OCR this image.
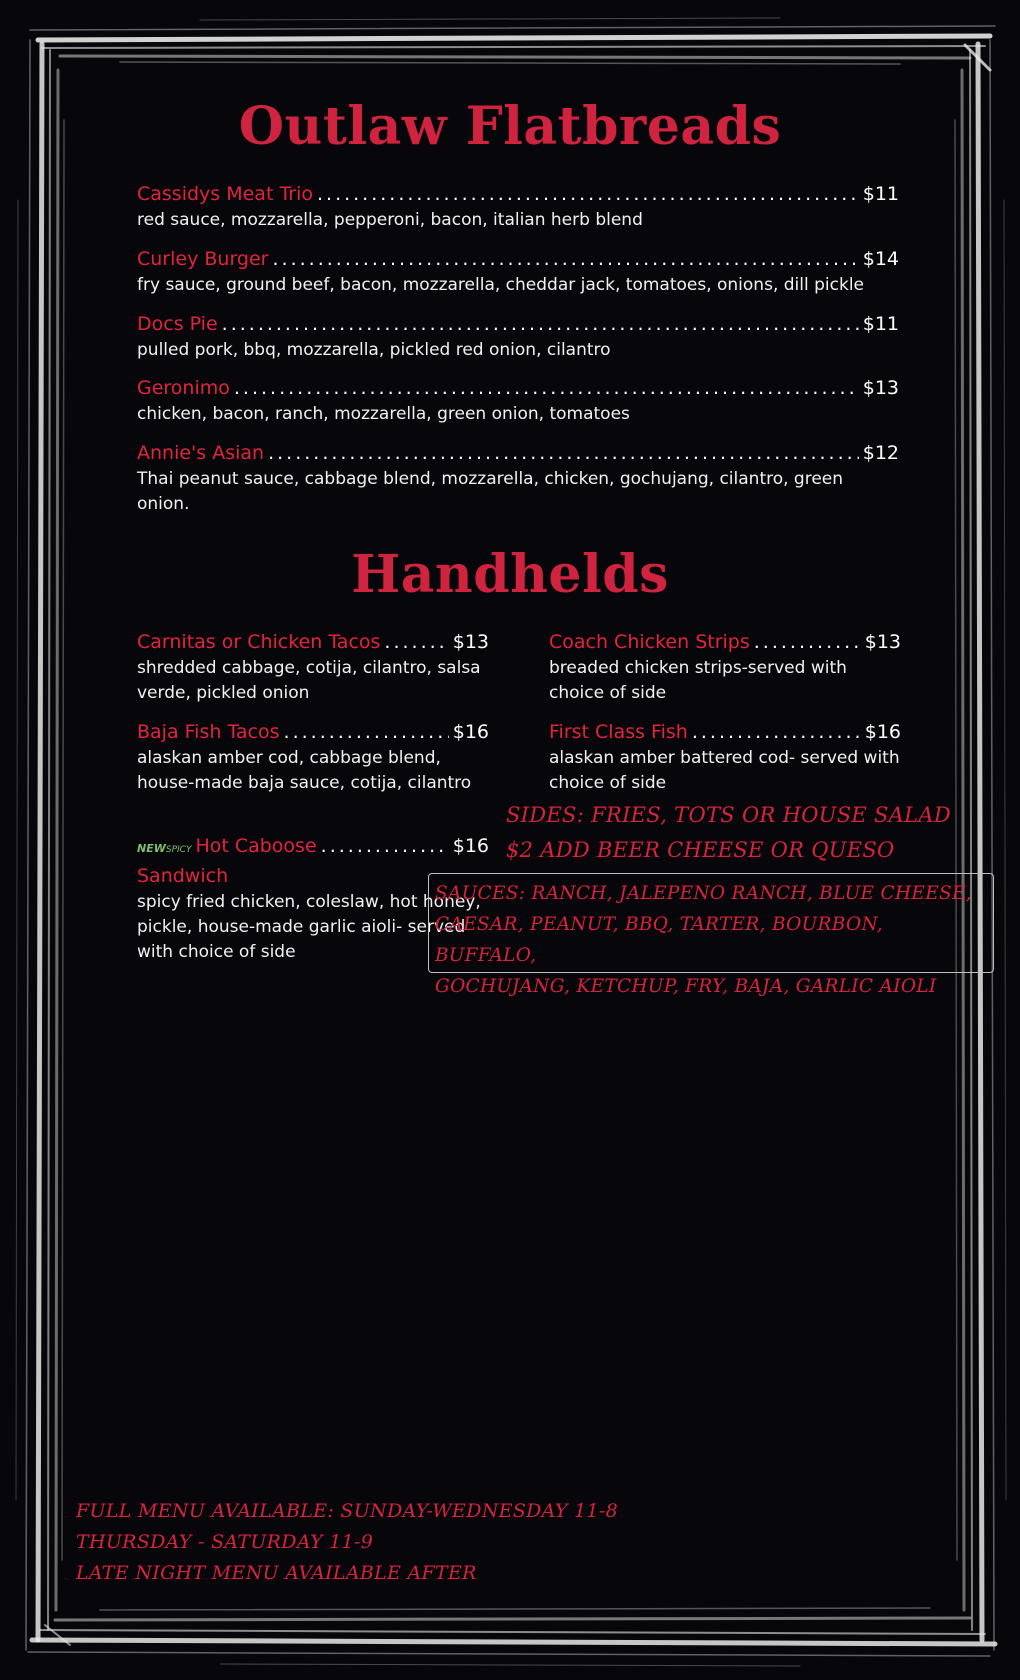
Outlaw Flatbreads
Cassidys Meat Trio .....	$11
red sauce, mozzarella, pepperoni, bacon, italian herb blend
Curley Burger .....	$14
fry sauce, ground beef, bacon, mozzarella, cheddar jack, tomatoes, onions, dill pickle
Docs Pie .....	$11
pulled pork, bbq, mozzarella, pickled red onion, cilantro
Geronimo .....	$13
chicken, bacon, ranch, mozzarella, green onion, tomatoes
Annie's Asian .....	$12
Thai peanut sauce, cabbage blend, mozzarella, chicken, gochujang, cilantro, green onion.
Handhelds
Carnitas or Chicken Tacos .....	$13
shredded cabbage, cotija, cilantro, salsa verde, pickled onion
Baja Fish Tacos .....	$16
alaskan amber cod, cabbage blend, house-made baja sauce, cotija, cilantro
NEW SPICY Hot Caboose .....	$16
Sandwich
spicy fried chicken, coleslaw, hot honey, pickle, house-made garlic aioli- served with choice of side
Coach Chicken Strips .....	$13
breaded chicken strips-served with choice of side
First Class Fish .....	$16
alaskan amber battered cod- served with choice of side
SIDES: FRIES, TOTS OR HOUSE SALAD
$2 ADD BEER CHEESE OR QUESO
SAUCES: RANCH, JALEPENO RANCH, BLUE CHEESE,
CAESAR, PEANUT, BBQ, TARTER, BOURBON, BUFFALO,
GOCHUJANG, KETCHUP, FRY, BAJA, GARLIC AIOLI
FULL MENU AVAILABLE: SUNDAY-WEDNESDAY 11-8
THURSDAY - SATURDAY 11-9
LATE NIGHT MENU AVAILABLE AFTER
